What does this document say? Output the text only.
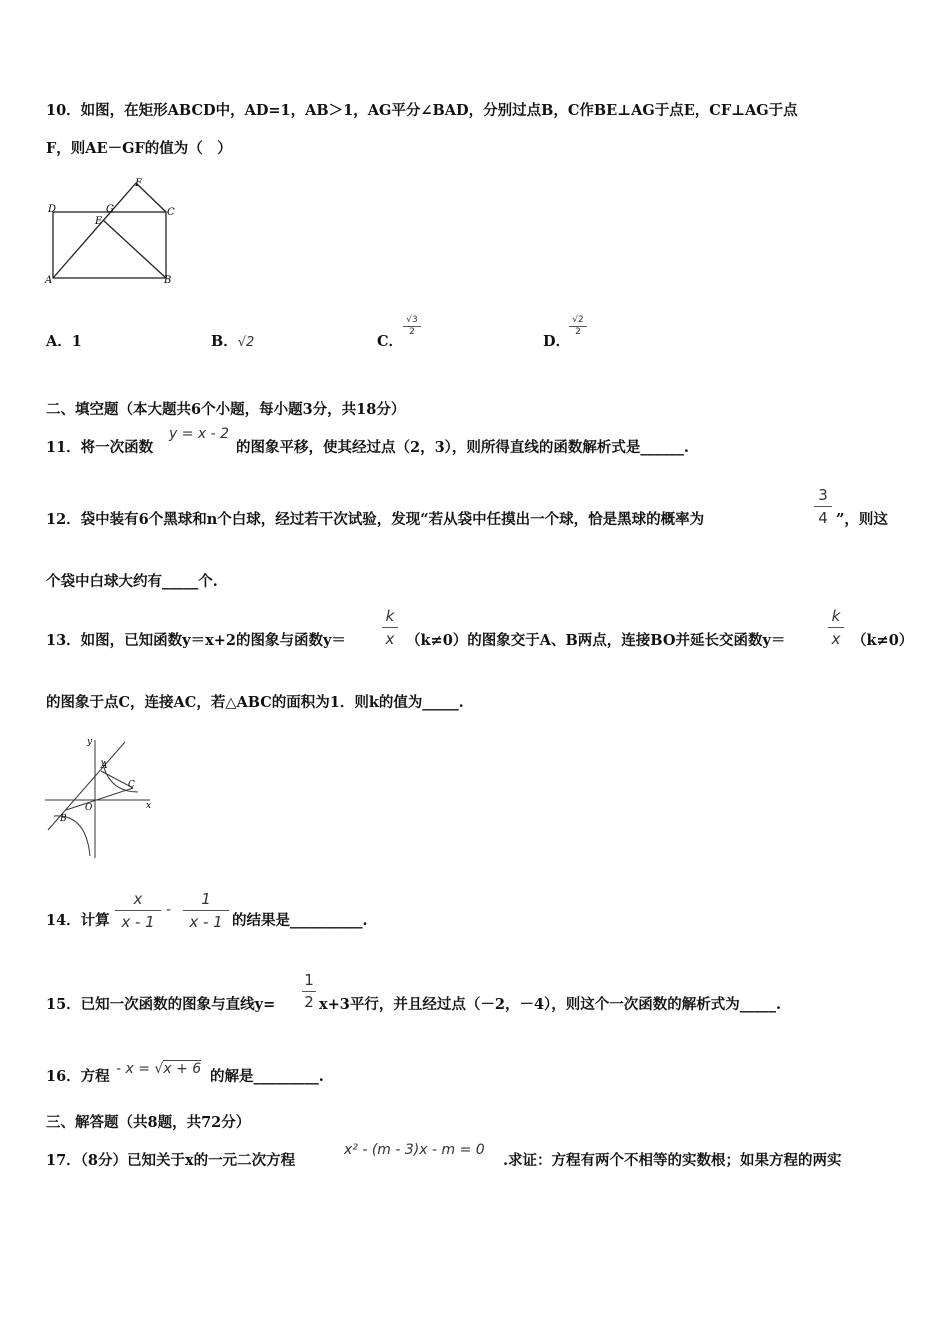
10．如图，在矩形ABCD中，AD=1，AB＞1，AG平分∠BAD，分别过点B，C作BE⊥AG于点E，CF⊥AG于点
F，则AE－GF的值为（　）
D	G
E
F
C
A	B
A．1	B．√2	C．
$\frac{√3}{2}$
D．
$\frac{√2}{2}$
二、填空题（本大题共6个小题，每小题3分，共18分）
11．将一次函数
y = x - 2
的图象平移，使其经过点（2，3），则所得直线的函数解析式是______.
12．袋中装有6个黑球和n个白球，经过若干次试验，发现“若从袋中任摸出一个球，恰是黑球的概率为	$\frac{3}{4}$ ”，则这
个袋中白球大约有_____个.
13．如图，已知函数y＝x+2的图象与函数$y= \frac{k}{x} (k\ne 0)$的图象交于A、B两点，连接BO并延长交函数y＝	$\frac{k}{x} (k\ne 0)$
的图象于点C，连接AC，若△ABC的面积为1．则k的值为_____.
y
A
C
O	x
B
14．计算 $\frac{x}{x - 1} - \frac{1}{x - 1}$ 的结果是__________.
15．已知一次函数的图象与直线$y= \frac{1}{2} x+3$平行，并且经过点（－2，－4），则这个一次函数的解析式为_____.
16．方程 - x = √x + 6 的解是_________.
三、解答题（共8题，共72分）
17．（8分）已知关于x的一元二次方程
x² - (m - 3)x - m = 0
.求证：方程有两个不相等的实数根；如果方程的两实
